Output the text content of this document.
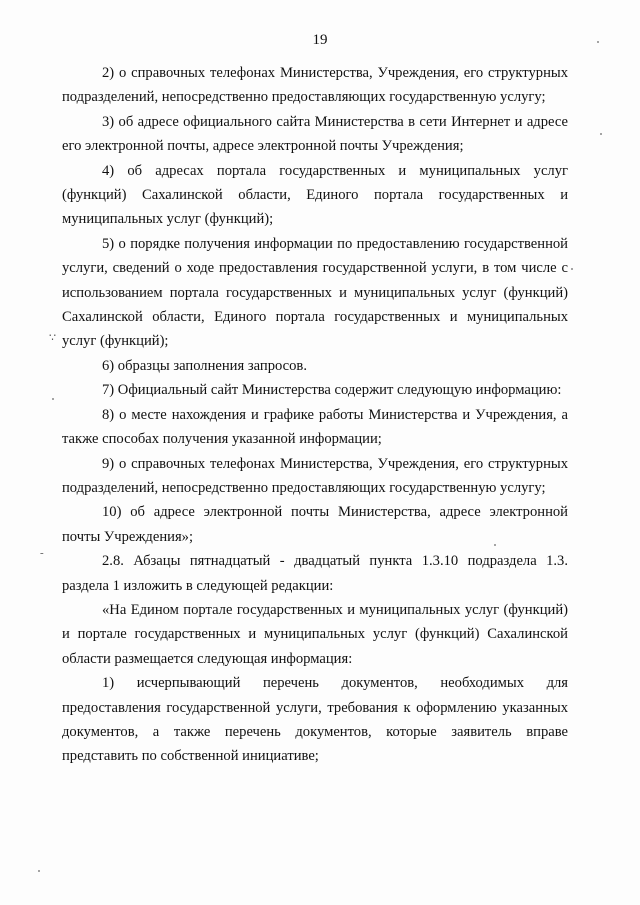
19

2) о справочных телефонах Министерства, Учреждения, его структурных подразделений, непосредственно предоставляющих государственную услугу;

3) об адресе официального сайта Министерства в сети Интернет и адресе его электронной почты, адресе электронной почты Учреждения;

4) об адресах портала государственных и муниципальных услуг (функций) Сахалинской области, Единого портала государственных и муниципальных услуг (функций);

5) о порядке получения информации по предоставлению государственной услуги, сведений о ходе предоставления государственной услуги, в том числе с использованием портала государственных и муниципальных услуг (функций) Сахалинской области, Единого портала государственных и муниципальных услуг (функций);

6) образцы заполнения запросов.

7) Официальный сайт Министерства содержит следующую информацию:

8) о месте нахождения и графике работы Министерства и Учреждения, а также способах получения указанной информации;

9) о справочных телефонах Министерства, Учреждения, его структурных подразделений, непосредственно предоставляющих государственную услугу;

10) об адресе электронной почты Министерства, адресе электронной почты Учреждения»;

2.8. Абзацы пятнадцатый - двадцатый пункта 1.3.10 подраздела 1.3. раздела 1 изложить в следующей редакции:

«На Едином портале государственных и муниципальных услуг (функций) и портале государственных и муниципальных услуг (функций) Сахалинской области размещается следующая информация:

1) исчерпывающий перечень документов, необходимых для предоставления государственной услуги, требования к оформлению указанных документов, а также перечень документов, которые заявитель вправе представить по собственной инициативе;

∵
-
